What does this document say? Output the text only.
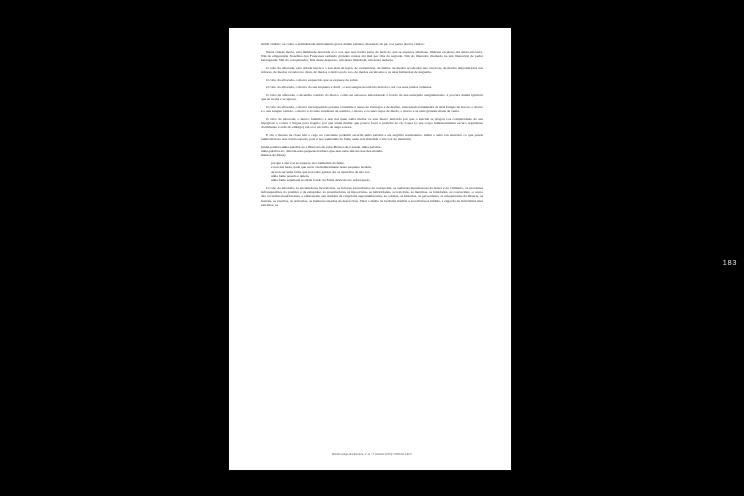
móbil visible; ou como a animalidade subitamente grave dunha paisana, mexendo de pé, coa perna aberta, ríndoo.

Nesta cidade morte, esta multitude desolada so o sol, que non forma parte de nada do que se expresa, afírmase, libérase en pleno día desta súa terra. Nin da emparentía Xosefina dos Franceses sedando grandes cousas alá mei por riba da sagrada. Nin do liberador chamado na súa liberación de pedra berzageada. Nin do conquistador. Nin deste desprezo, nin desta liberdade, nin desta audacia.

O cabo da alborada, esta cidade inerte e o seu alén da lepra, de consunción, de fames, de medos acochados nas cárcavas, de medos empoleirados nas árbores, de medos cavados no chan, de medos á deriva polo ceo, de medos esculcados e as súas fumarolas de angustia.

O cabo da alborada, o morro esquecido que se esquece de saltar.

O cabo da alborada, o morro do seu inquieta e dócil –o seu sangue inoculado derrota o sol cos seus pulsos ardentes.

O cabo da alborada, o incendio contido do morro, como un saloucos amordazado ó bordo do seu entrepido sanguinolento, á procura dunha ignición que se soaba e se ignora.

O cabo da alborada, o morro encrespeando perante a bulimia ó asesa de lóstregos e de mallas, trenceando lentamente as súas fatigas de horror, o morro e o seu sangue vertido, o morro e as súas vendaxes de sombra, o morro e os seus regos de medo, o morro e as súas grandes mans de vento.

O cabo da alborada, o morro famélico e non hai quen saiba mellor ca este morro hartardo por que o suicida se afogou coa complicidade do seu hipoglose ó volver a lingua para tragalo, por que andei muller que parece facer a prancha no río Capot (o seu corpo luminosamente escuro organizase docilmente á orde do embigo) tan só é un vulto de auga sonora.

E sin o mostre na clase trin o cego no conciente poderíin sacarlle unha palabra e esi negritio sonmolento, malia o seito tan enérxico co que pateis tamborilan no seu cranio espado, pois é nos tremedais da fame onde estí afundida a súa voz de inanición

(unha-palabra-unha-palabra-só e Ilherows-de-raita-Branca-de-Caanda, unha-palabra-
unha-palabra-só,  mirade-este-pequeno-bárbaro-que-non-sabe-nin-un-dos-dez-manda-
mentos-de-Deus)
porque a súa voz se esquece nos tremedais da fame,
e non hai nada, nada que sacar verdadeiramente deste pequeno lacaión,
de non ser unha fame que non sabe gabear ata os aparellos da súa voz
unha fame pesada e quieta,
unha fame sepultada no máis fondo da Fame deste morro esfarrapado

O cabo da alborada, as enculladoras lacerzícitas, os feitores exacerbados da corrupción, as audaxtas monstruosas da honra e do vitimario, os procantes infranqueables do premiro e da estupidez, as prostitucións, as hipocrisías, as lubricidades, as traicións, as mentiras, as falsidades, as concucións –o acero das covardías insuficientes, o entusiasmo sen alarides de crupcións supernumerarias, as cobizas, as histerias, as perversións, as arlequinadas da miseria, as lesións, os pruritos, as urticarias, as humacas tépedas da desercción. Velaí o deslío ás larcháns riséibis e escorbálosos lubinis, a engorda de micrixhius mes extraños, os

Boletín Galego de Literatura, nº 41 / 1º semestre (2010) / ISSN 0214-9117
183
